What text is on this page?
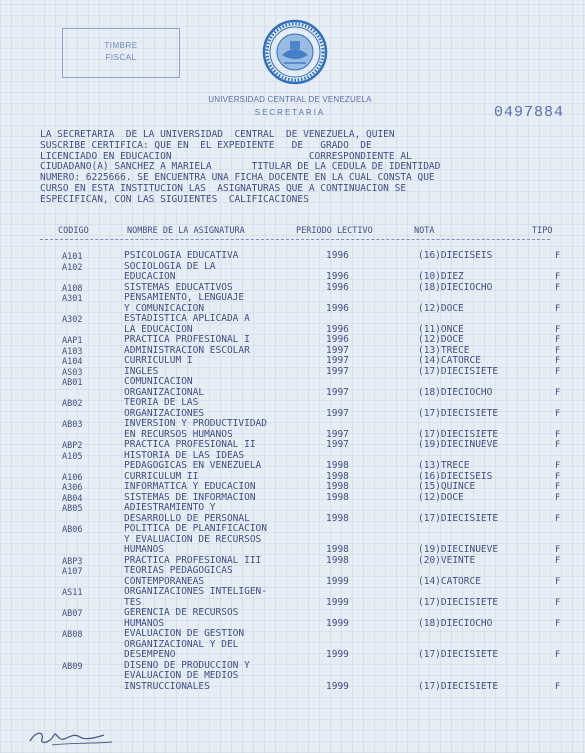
TIMBRE
FISCAL
UNIVERSIDAD CENTRAL DE VENEZUELA
SECRETARIA	0497884
LA SECRETARIA  DE LA UNIVERSIDAD  CENTRAL  DE VENEZUELA, QUIEN
SUSCRIBE CERTIFICA: QUE EN  EL EXPEDIENTE   DE   GRADO  DE
LICENCIADO EN EDUCACION                        CORRESPONDIENTE AL
CIUDADANO(A) SANCHEZ A MARIELA       TITULAR DE LA CEDULA DE IDENTIDAD
NUMERO: 6225666. SE ENCUENTRA UNA FICHA DOCENTE EN LA CUAL CONSTA QUE
CURSO EN ESTA INSTITUCION LAS  ASIGNATURAS QUE A CONTINUACION SE
ESPECIFICAN, CON LAS SIGUIENTES  CALIFICACIONES
CODIGO	NOMBRE DE LA ASIGNATURA	PERIODO LECTIVO	NOTA	TIPO
A101	PSICOLOGIA EDUCATIVA	1996	(16)DIECISEIS	F
A102	SOCIOLOGIA DE LA
EDUCACION	1996	(10)DIEZ	F
A108	SISTEMAS EDUCATIVOS	1996	(18)DIECIOCHO	F
A301	PENSAMIENTO, LENGUAJE
Y COMUNICACION	1996	(12)DOCE	F
A302	ESTADISTICA APLICADA A
LA EDUCACION	1996	(11)ONCE	F
AAP1	PRACTICA PROFESIONAL I	1996	(12)DOCE	F
A103	ADMINISTRACION ESCOLAR	1997	(13)TRECE	F
A104	CURRICULUM I	1997	(14)CATORCE	F
AS03	INGLES	1997	(17)DIECISIETE	F
AB01	COMUNICACION
ORGANIZACIONAL	1997	(18)DIECIOCHO	F
AB02	TEORIA DE LAS
ORGANIZACIONES	1997	(17)DIECISIETE	F
AB03	INVERSION Y PRODUCTIVIDAD
EN RECURSOS HUMANOS	1997	(17)DIECISIETE	F
ABP2	PRACTICA PROFESIONAL II	1997	(19)DIECINUEVE	F
A105	HISTORIA DE LAS IDEAS
PEDAGOGICAS EN VENEZUELA	1998	(13)TRECE	F
A106	CURRICULUM II	1998	(16)DIECISEIS	F
A306	INFORMATICA Y EDUCACION	1998	(15)QUINCE	F
AB04	SISTEMAS DE INFORMACION	1998	(12)DOCE	F
AB05	ADIESTRAMIENTO Y
DESARROLLO DE PERSONAL	1998	(17)DIECISIETE	F
AB06	POLITICA DE PLANIFICACION
Y EVALUACION DE RECURSOS
HUMANOS	1998	(19)DIECINUEVE	F
ABP3	PRACTICA PROFESIONAL III	1998	(20)VEINTE	F
A107	TEORIAS PEDAGOGICAS
CONTEMPORANEAS	1999	(14)CATORCE	F
AS11	ORGANIZACIONES INTELIGEN-
TES	1999	(17)DIECISIETE	F
AB07	GERENCIA DE RECURSOS
HUMANOS	1999	(18)DIECIOCHO	F
AB08	EVALUACION DE GESTION
ORGANIZACIONAL Y DEL
DESEMPENO	1999	(17)DIECISIETE	F
AB09	DISENO DE PRODUCCION Y
EVALUACION DE MEDIOS
INSTRUCCIONALES	1999	(17)DIECISIETE	F
